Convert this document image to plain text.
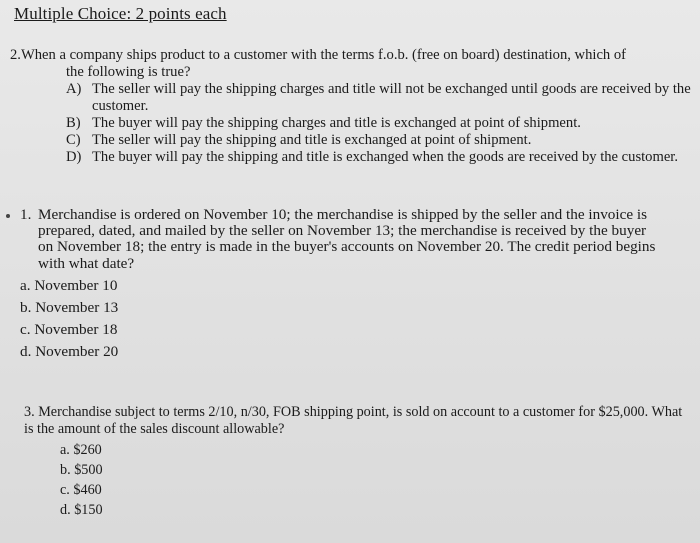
Multiple Choice: 2 points each
2.When a company ships product to a customer with the terms f.o.b. (free on board) destination, which of
the following is true?
A) The seller will pay the shipping charges and title will not be exchanged until goods are received by the customer.
B) The buyer will pay the shipping charges and title is exchanged at point of shipment.
C) The seller will pay the shipping and title is exchanged at point of shipment.
D) The buyer will pay the shipping and title is exchanged when the goods are received by the customer.
1. Merchandise is ordered on November 10; the merchandise is shipped by the seller and the invoice is prepared, dated, and mailed by the seller on November 13; the merchandise is received by the buyer on November 18; the entry is made in the buyer's accounts on November 20. The credit period begins with what date?
a. November 10
b. November 13
c. November 18
d. November 20
3. Merchandise subject to terms 2/10, n/30, FOB shipping point, is sold on account to a customer for $25,000. What is the amount of the sales discount allowable?
a. $260
b. $500
c. $460
d. $150
